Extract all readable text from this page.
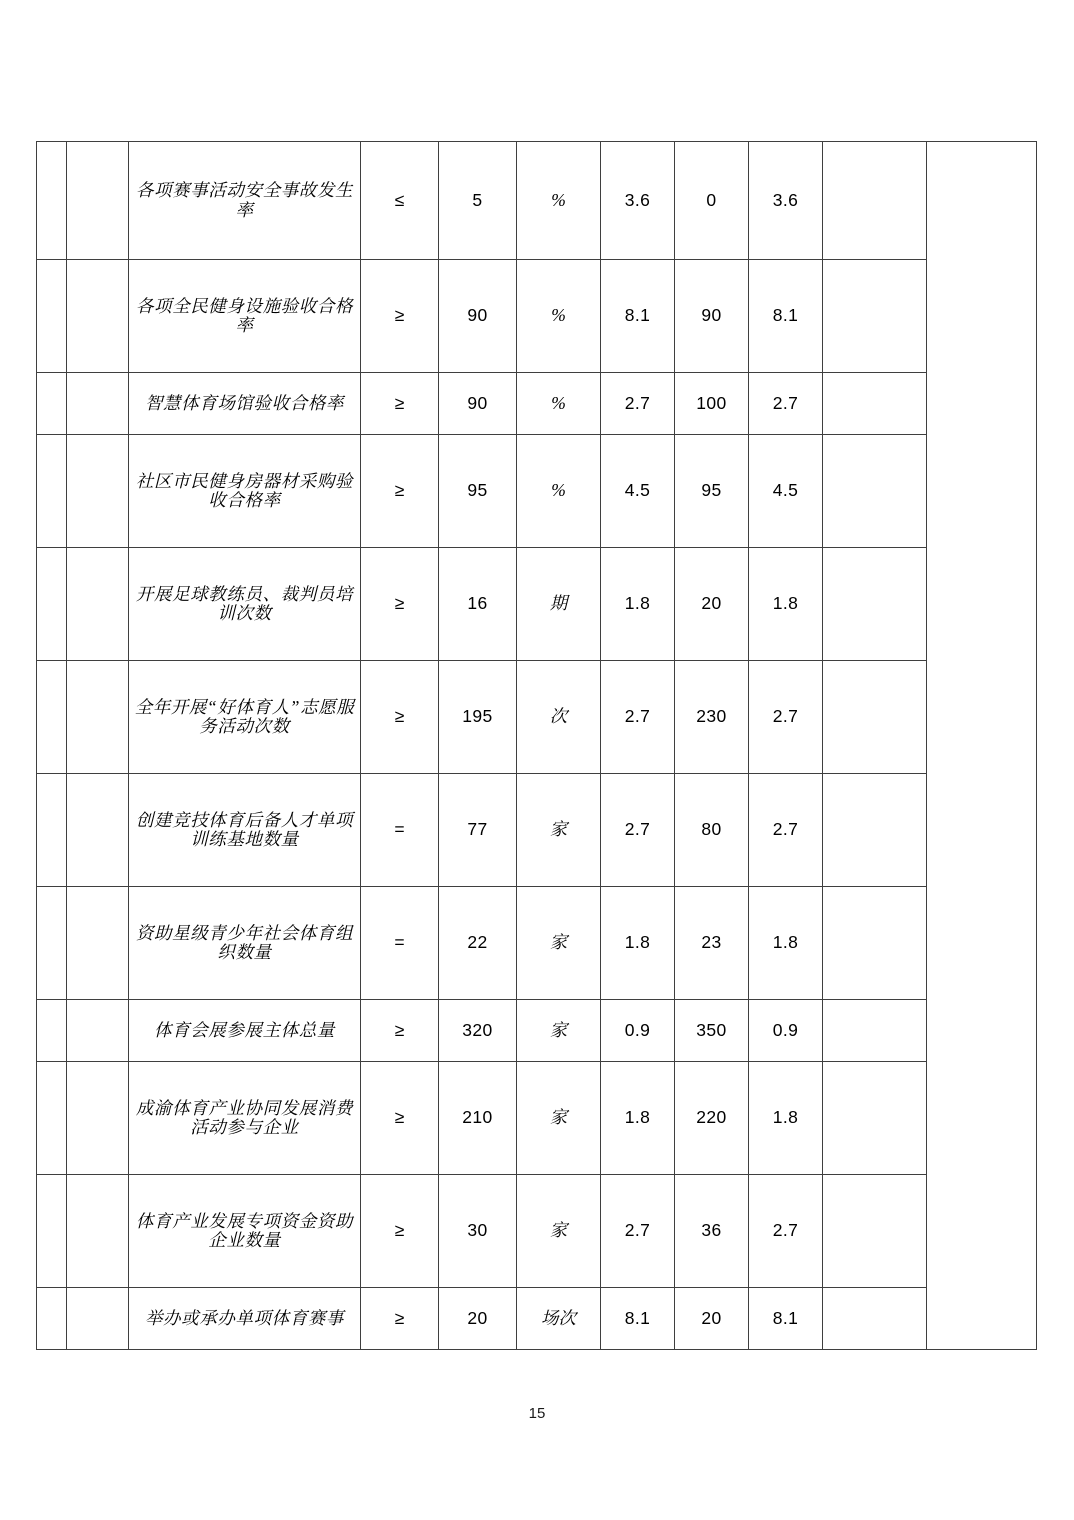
		各项赛事活动安全事故发生率	≤	5	%	3.6	0	3.6		
		各项全民健身设施验收合格率	≥	90	%	8.1	90	8.1		
		智慧体育场馆验收合格率	≥	90	%	2.7	100	2.7		
		社区市民健身房器材采购验收合格率	≥	95	%	4.5	95	4.5		
		开展足球教练员、裁判员培训次数	≥	16	期	1.8	20	1.8		
		全年开展“好体育人”志愿服务活动次数	≥	195	次	2.7	230	2.7		
		创建竞技体育后备人才单项训练基地数量	=	77	家	2.7	80	2.7		
		资助星级青少年社会体育组织数量	=	22	家	1.8	23	1.8		
		体育会展参展主体总量	≥	320	家	0.9	350	0.9		
		成渝体育产业协同发展消费活动参与企业	≥	210	家	1.8	220	1.8		
		体育产业发展专项资金资助企业数量	≥	30	家	2.7	36	2.7		
		举办或承办单项体育赛事	≥	20	场次	8.1	20	8.1		
15
